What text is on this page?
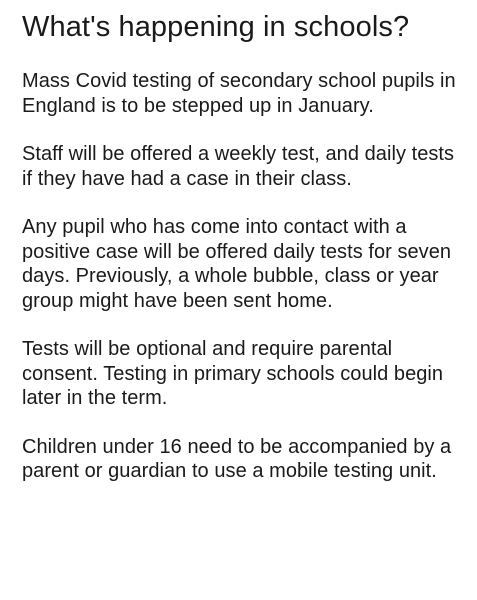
What's happening in schools?

Mass Covid testing of secondary school pupils in England is to be stepped up in January.

Staff will be offered a weekly test, and daily tests if they have had a case in their class.

Any pupil who has come into contact with a positive case will be offered daily tests for seven days. Previously, a whole bubble, class or year group might have been sent home.

Tests will be optional and require parental consent. Testing in primary schools could begin later in the term.

Children under 16 need to be accompanied by a parent or guardian to use a mobile testing unit.
